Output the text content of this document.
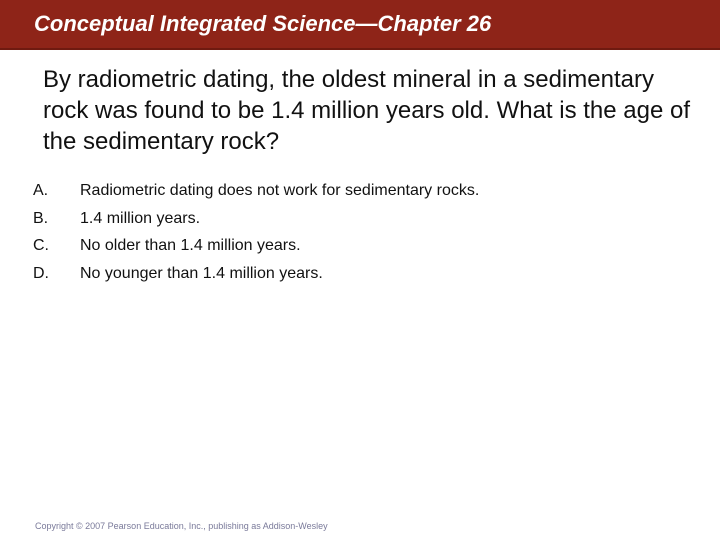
Conceptual Integrated Science—Chapter 26

By radiometric dating, the oldest mineral in a sedimentary rock was found to be 1.4 million years old. What is the age of the sedimentary rock?

A. Radiometric dating does not work for sedimentary rocks.
B. 1.4 million years.
C. No older than 1.4 million years.
D. No younger than 1.4 million years.

Copyright © 2007 Pearson Education, Inc., publishing as Addison-Wesley
